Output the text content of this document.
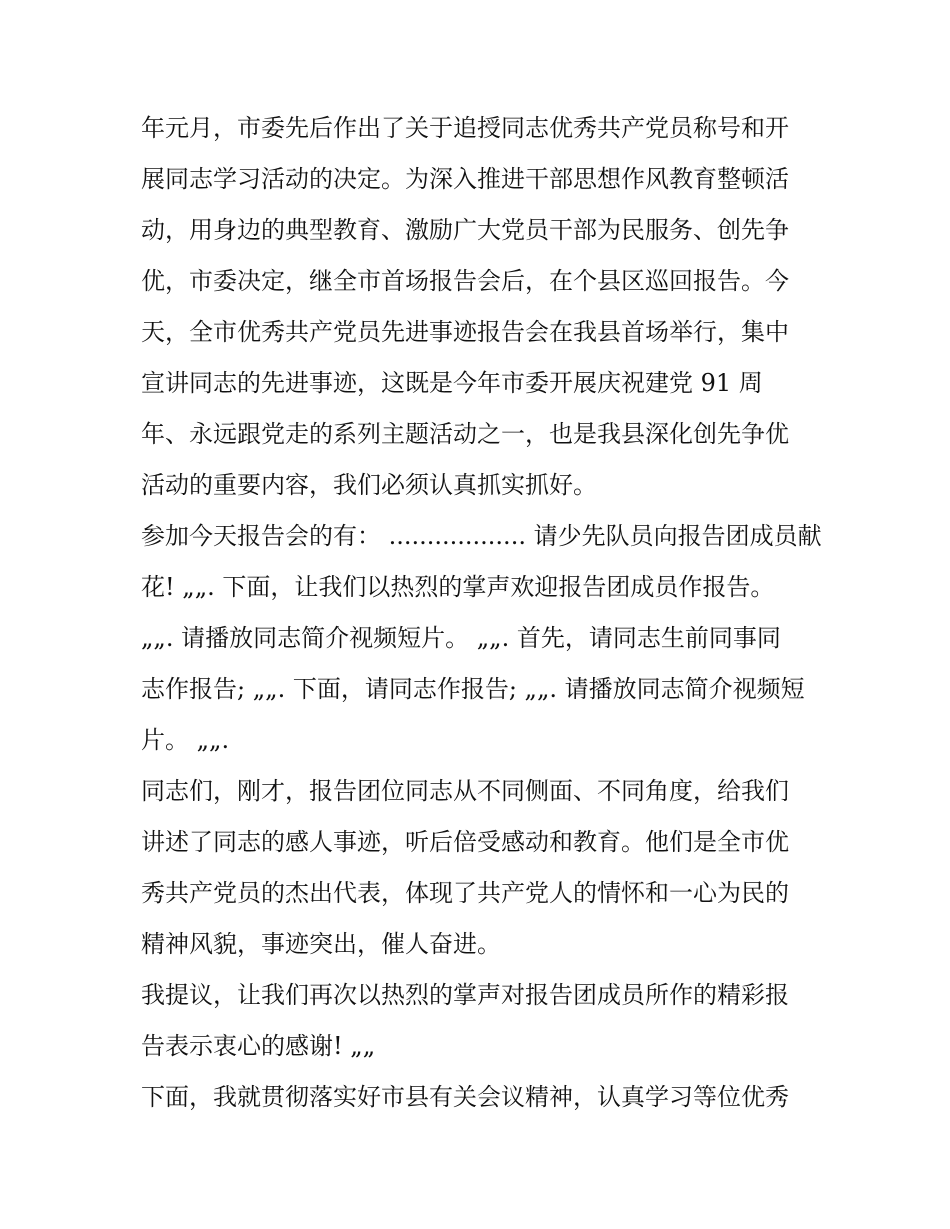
年元月，市委先后作出了关于追授同志优秀共产党员称号和开
展同志学习活动的决定。为深入推进干部思想作风教育整顿活
动，用身边的典型教育、激励广大党员干部为民服务、创先争
优，市委决定，继全市首场报告会后，在个县区巡回报告。今
天，全市优秀共产党员先进事迹报告会在我县首场举行，集中
宣讲同志的先进事迹，这既是今年市委开展庆祝建党 91 周
年、永远跟党走的系列主题活动之一，也是我县深化创先争优
活动的重要内容，我们必须认真抓实抓好。
参加今天报告会的有： .................. 请少先队员向报告团成员献
花! „„. 下面，让我们以热烈的掌声欢迎报告团成员作报告。
„„. 请播放同志简介视频短片。 „„. 首先，请同志生前同事同
志作报告; „„. 下面，请同志作报告; „„. 请播放同志简介视频短
片。 „„.
同志们，刚才，报告团位同志从不同侧面、不同角度，给我们
讲述了同志的感人事迹，听后倍受感动和教育。他们是全市优
秀共产党员的杰出代表，体现了共产党人的情怀和一心为民的
精神风貌，事迹突出，催人奋进。
我提议，让我们再次以热烈的掌声对报告团成员所作的精彩报
告表示衷心的感谢! „„
下面，我就贯彻落实好市县有关会议精神，认真学习等位优秀
